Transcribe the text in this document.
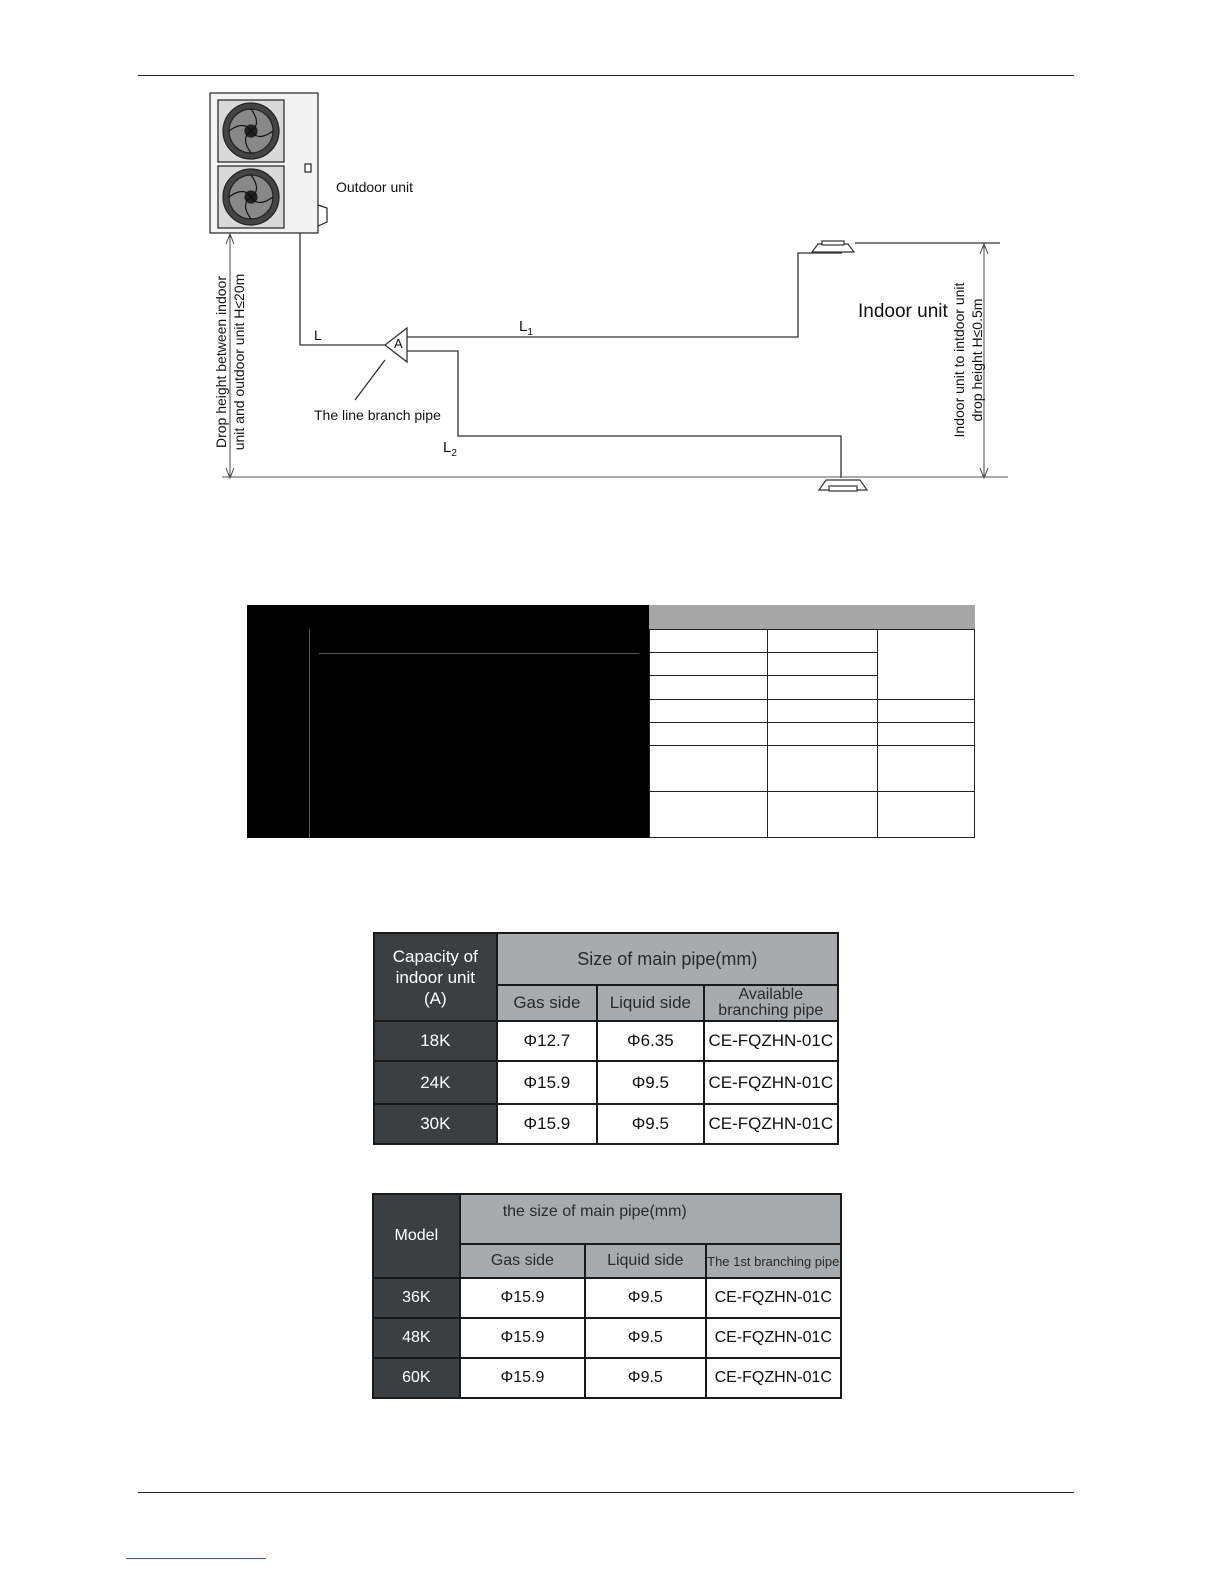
Outdoor unit
Indoor unit
The line branch pipe
A
L	$L_1$
$L_2$
Drop height between indoor unit and outdoor unit H≤20m	Indoor unit to intdoor unit drop height H≤0.5m
Capacity of indoor unit (A)	Size of main pipe(mm)		
	Gas side	Liquid side	Available branching pipe
18K	Φ12.7	Φ6.35	CE-FQZHN-01C
24K	Φ15.9	Φ9.5	CE-FQZHN-01C
30K	Φ15.9	Φ9.5	CE-FQZHN-01C
Model	the size of main pipe(mm)		
	Gas side	Liquid side	The 1st branching pipe
36K	Φ15.9	Φ9.5	CE-FQZHN-01C
48K	Φ15.9	Φ9.5	CE-FQZHN-01C
60K	Φ15.9	Φ9.5	CE-FQZHN-01C
